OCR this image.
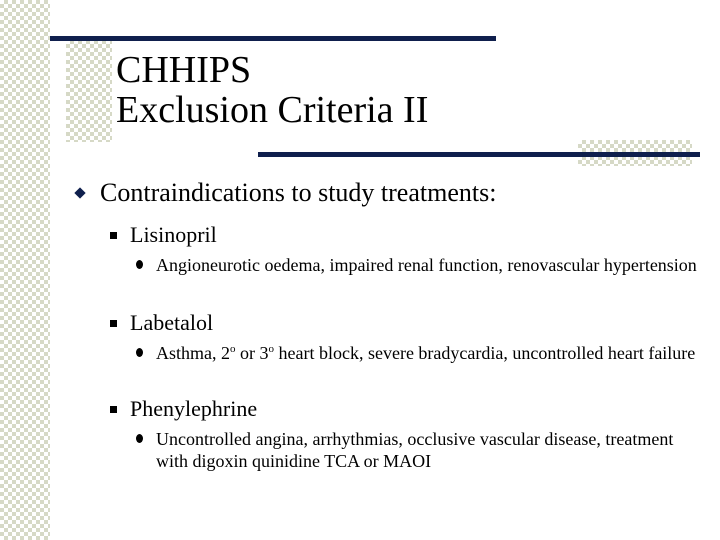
CHHIPS
Exclusion Criteria II
Contraindications to study treatments:
Lisinopril
Angioneurotic oedema, impaired renal function, renovascular hypertension
Labetalol
Asthma, 2$^o$ or 3$^o$ heart block, severe bradycardia, uncontrolled heart failure
Phenylephrine
Uncontrolled angina, arrhythmias, occlusive vascular disease, treatment with digoxin quinidine TCA or MAOI
